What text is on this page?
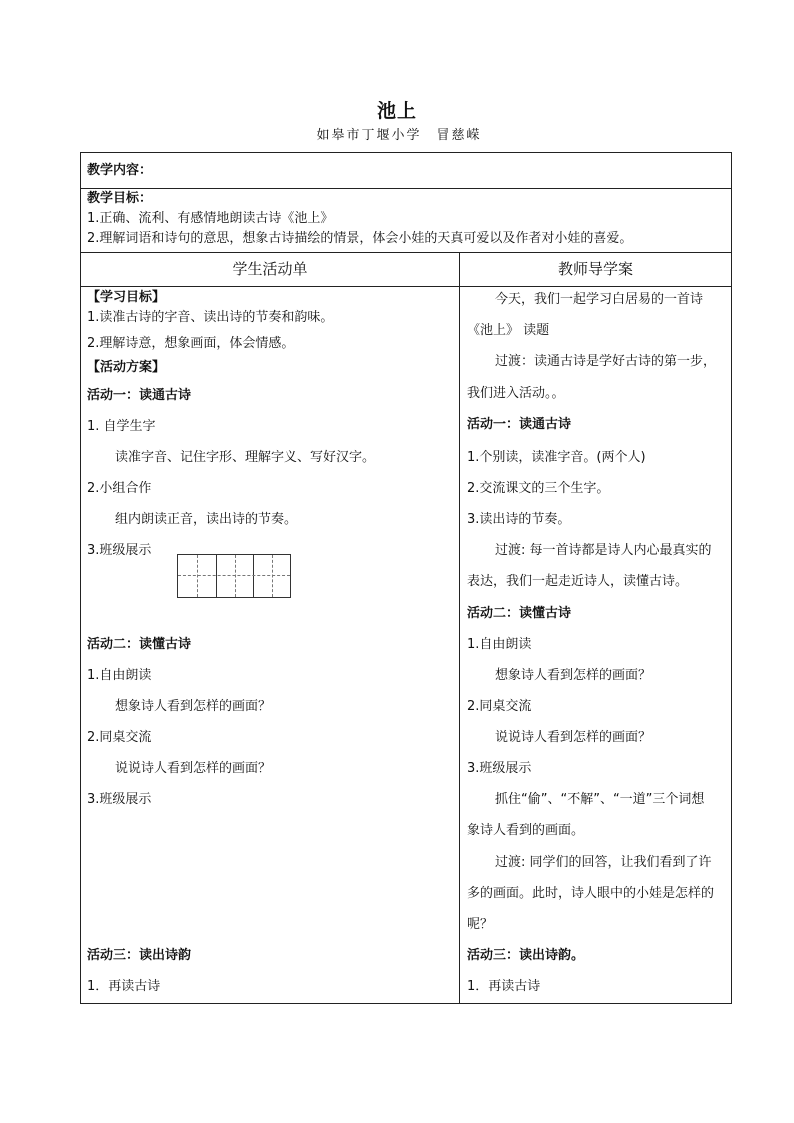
池上
如皋市丁堰小学　冒慈嵘
教学内容：
教学目标：
1.正确、流利、有感情地朗读古诗《池上》
2.理解词语和诗句的意思，想象古诗描绘的情景，体会小娃的天真可爱以及作者对小娃的喜爱。
学生活动单	教师导学案
【学习目标】
1.读准古诗的字音、读出诗的节奏和韵味。
2.理解诗意，想象画面，体会情感。
【活动方案】
活动一：读通古诗
1. 自学生字
读准字音、记住字形、理解字义、写好汉字。
2.小组合作
组内朗读正音，读出诗的节奏。
3.班级展示
活动二：读懂古诗
1.自由朗读
想象诗人看到怎样的画面？
2.同桌交流
说说诗人看到怎样的画面？
3.班级展示
活动三：读出诗韵
1．再读古诗
今天，我们一起学习白居易的一首诗
《池上》 读题
过渡：读通古诗是学好古诗的第一步，
我们进入活动。。
活动一：读通古诗
1.个别读，读准字音。(两个人)
2.交流课文的三个生字。
3.读出诗的节奏。
过渡: 每一首诗都是诗人内心最真实的
表达，我们一起走近诗人，读懂古诗。
活动二：读懂古诗
1.自由朗读
想象诗人看到怎样的画面？
2.同桌交流
说说诗人看到怎样的画面？
3.班级展示
抓住“偷”、“不解”、“一道”三个词想
象诗人看到的画面。
过渡: 同学们的回答，让我们看到了许
多的画面。此时，诗人眼中的小娃是怎样的
呢？
活动三：读出诗韵。
1．再读古诗
